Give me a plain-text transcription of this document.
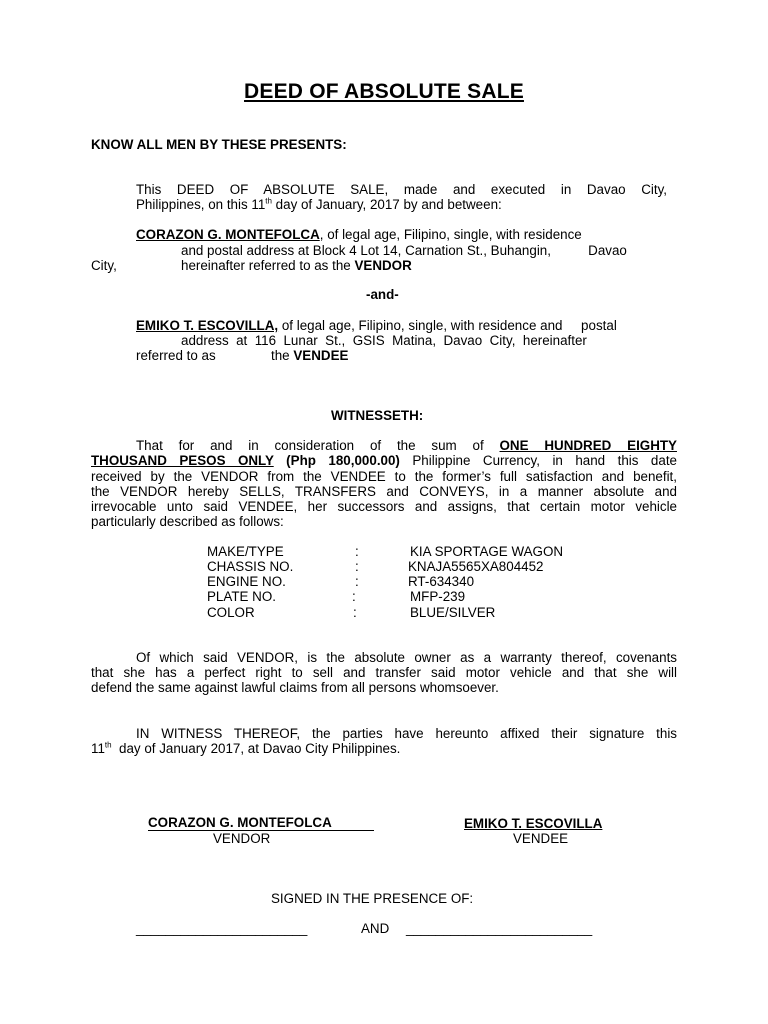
DEED OF ABSOLUTE SALE
KNOW ALL MEN BY THESE PRESENTS:
This DEED OF ABSOLUTE SALE, made and executed in Davao City,
Philippines, on this 11th day of January, 2017 by and between:
CORAZON G. MONTEFOLCA, of legal age, Filipino, single, with residence
and postal address at Block 4 Lot 14, Carnation St., Buhangin,          Davao
City,	hereinafter referred to as the VENDOR
-and-
EMIKO T. ESCOVILLA, of legal age, Filipino, single, with residence and     postal
address  at  116  Lunar  St.,  GSIS  Matina,  Davao  City,  hereinafter
referred to as	the VENDEE
WITNESSETH:
That for and in consideration of the sum of ONE HUNDRED EIGHTY
THOUSAND PESOS ONLY (Php 180,000.00) Philippine Currency, in hand this date
received by the VENDOR from the VENDEE to the former’s full satisfaction and benefit,
the VENDOR hereby SELLS, TRANSFERS and CONVEYS, in a manner absolute and
irrevocable unto said VENDEE, her successors and assigns, that certain motor vehicle
particularly described as follows:
MAKE/TYPE	:	KIA SPORTAGE WAGON
CHASSIS NO.	:	KNAJA5565XA804452
ENGINE NO.	:	RT-634340
PLATE NO.	:	MFP-239
COLOR	:	BLUE/SILVER
Of which said VENDOR, is the absolute owner as a warranty thereof, covenants
that she has a perfect right to sell and transfer said motor vehicle and that she will
defend the same against lawful claims from all persons whomsoever.
IN WITNESS THEREOF, the parties have hereunto affixed their signature this
11th  day of January 2017, at Davao City Philippines.
CORAZON G. MONTEFOLCA
VENDOR
EMIKO T. ESCOVILLA
VENDEE
SIGNED IN THE PRESENCE OF:
_______________________	AND _________________________
